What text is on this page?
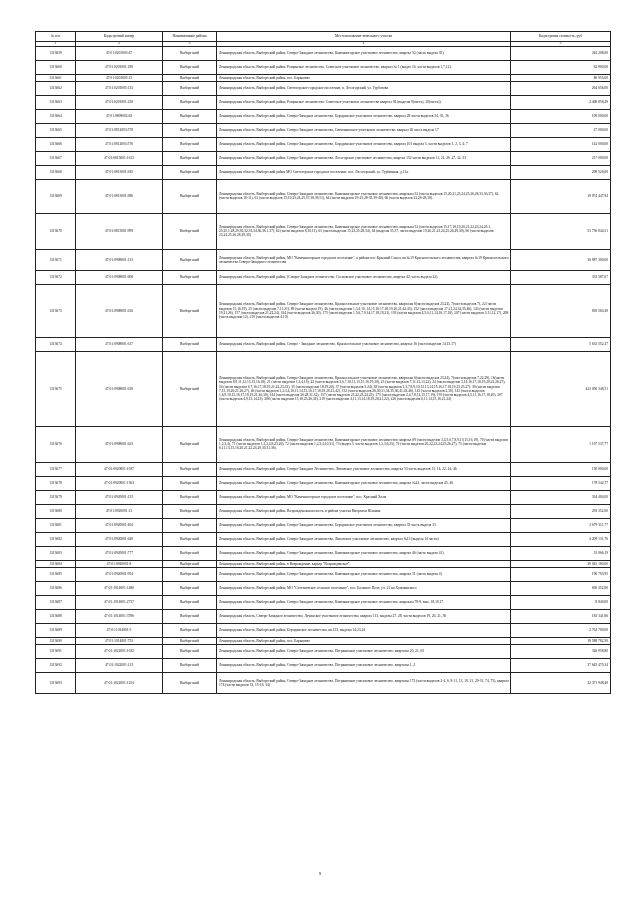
№ п/п	Кадастровый номер	Наименование района	Местоположение земельного участка	Кадастровая стоимость, руб
1	2	3	4	5
1313659	47:01:0201003:47	Выборгский	Ленинградская область, Выборгский район, Северо-Западное лесничество, Каменногорское участковое лесничество, квартал 52 (часть выдела 35).	344 208,00
1313660	47:01:0201001:189	Выборгский	Ленинградская область, Выборгский район, Рощинское лесничество, Советское участковое лесничество, квартал № 1 (выдел 16, части выделов 1,7,12).	62 800,00
1313661	47:01:0201005:15	Выборгский	Ленинградская область, Выборгский район, пос. Барышево	86 955,00
1313662	47:01:0201005:133	Выборгский	Ленинградская область, Выборгский район, Светогорское городское поселение, п. Лесогорский, ул. Гурбатова	264 656,00
1313663	47:01:0201001:250	Выборгский	Ленинградская область, Выборгский район, Рощинское лесничество: Советское участковое лесничество квартал 94 (выделы 9(часть), 10(часть)).	2 408 858,29
1313664	47:01:0809002:63	Выборгский	Ленинградская область, Выборгский район, Северо-Западное лесничество, Бородинское участковое лесничество, квартал 28 части выделов 34, 35, 36	109 000,00
1313665	47:01:0812003:570	Выборгский	Ленинградская область, Выборгский район, Северо-Западное лесничество, Свеченковское участковое лесничество, квартал 20 часть выдела 17	47 000,00
1313666	47:01:0812003:576	Выборгский	Ленинградская область, Выборгский район, Северо-Западное лесничество, Бородинское участковое лесничество, квартал 101 выдела 5, части выделов 1, 2, 3, 4, 7	142 000,00
1313667	47:01:0815001:1613	Выборгский	Ленинградская область, Выборгский район, Северо-Западное лесничество, Лесогорское участковое лесничество, квартал 152 части выделов 11, 21, 26 ,27, 32, 33	217 000,00
1313668	47:01:0815001:945	Выборгский	Ленинградская область, Выборгский район МО Светогорское городское поселение, пос. Лесогорский, ул. Турбинная, д.11а.	208 526,00
1313669	47:01:0815001:986	Выборгский	Ленинградская область, Выборгский район, Северо-Западное лесничество, Каменногорское участковое лесничество, кварталы 52 (части выделов 15,20,21,23,24,25,26,28,33,36,37), 62 (части выделов 10-11), 63 (части выделов 15,19,23,24,25,37,38,39,51), 64 (части выделов 19-23,28-35,39-40), 66 (части выделов 23,26-28,30).	19 074 447,94
1313670	47:01:0815001:999	Выборгский	Ленинградская область, Выборгский район, Северо-Западное лесничество, Каменногорское участковое лесничество, кварталы 52 (части выделов 15,17,18,19,20,21,22,23,24,26 1, 25,25.1,28,29,30,32,33,34,36,36.1,37), 62 (части выделов 8,10,11), 63 (части выделов 15,23,25,28,34), 64 (выделы 35,37, части выделов 19,20,21,23,24,25,26,29,30), 66 (части выделов 23,24,25,26,28,29,30)	53 756 844,51
1313671	47:01:0908001:133	Выборгский	Ленинградская область, Выборгский район, МО "Каменногорское городское поселение", в районе пос.Красный Сокол, кв.№19 Красносельского лесничества, квартал №19 Красносельского лесничества Северо-Западного лесничества	36 987 300,00
1313672	47:01:0908001:608	Выборгский	Ленинградская область, Выборгский район, (Северо-Западное лесничество, Сосновское участковое лесничество, квартал 42, часть выдела 22).	333 587,67
1313673	47:01:0908001:616	Выборгский	Ленинградская область, Выборгский район, Северо-Западное лесничество, Красносельское участковое лесничество, кварталы 6(части выделов 23,24), 7(части выделов 7), 22 (части выделов 15,16,19), 25 (части выделов 7,11,21), 89 (части выдела 19), 46 (части выделов 1,3,4,10, 14,15,16,17,18,19,20,21,42,43), 152 (части выделов 17,21,24,32,35,46), 143 (части выделов 19,21,26), 157 (части выделов 21,22,24), 164 (части выделов 26,30), 175 (части выделов 1,5,6,7,9,14,17,18,19,21), 193 (части выделов 4,5,6,11,14,16,17,18), 207 (части выделов 3,11,12,17), 208 (часть выделов 12), 219 (части выделов 4,10)	818 560,49
1313674	47:01:0908001:617	Выборгский	Ленинградская область, Выборгский район, Северо - Западное лесничество, Красносельское участковое лесничество, квартал 16 (части выделов 14,15,17)	5 633 552,37
1313675	47:01:0908001:618	Выборгский	Ленинградская область, Выборгский район, Северо-Западное лесничество, Красносельское участковое лесничество, кварталы 6(части выделов 23,24), 7(части выделов 7,22,29), 16(части выделов 8,9,11,12,13,15,16,18), 21 (части выделов 1,3,4,16), 22 (части выделов 3,6,7,10,11,13,15,16,19,20), 23 (части выделов 7,11,12,13,22), 24 (части выделов 3,14,16,17,18,19,20,22,26,27), 34 (части выделов 6,7,16,17,18,19,21,22,23,33), 35 (части выделов 18,19,20), 37 (части выделов 5,24), 38 (части выделов 1,3,7,8,9,10,12,13,14,15,16,17,18,19,23,25,27), 39 (части выделов 7,15,19,20,21,26,27), 46 (части выделов 1,2,3,4,10,11,14,15,16,17,18,19,20,21,42), 152 (части выделов 26,30,31,34,35,36,41,43,46), 143 (части выделов 2,30), 143 (части выделов 1,6,9,10,15,16,17,18,19,21,26,30), 144 (части выделов 26,28,31,32), 157 (части выделов 21,22,23,24,25), 175 (части выделов 2,4,7,8,14,15,17,19), 193 (части выделов 4,5,11,16,17,18,20), 207 (части выделов 4,9,13,14,23), 208 (части выделов 15,18,23,26,34), 219 (части выделов 4,11,13,14,18,19,20,21,22), 220 (части выделов 6,11,14,15,16,21,24)	423 050 348,51
1313676	47:01:0908001:623	Выборгский	Ленинградская область, Выборгский район, Северо-Западное лесничество, Каменногорское участковое лесничество: квартал 69 (части выделов 3,4,5,6,7,8,9,10,15,16,19), 70 (части выделов 1,2,3,4), 71 (части выделов 1,2,3,4,8,23,26), 72 (части выделов 1,2,3,4,10,31), 73 (выдел 3, части выделов 1,2,3,6,25), 74 (части выделов 20,22,23,24,25,26,27), 75 (части выделов 6,11,13,15,16,20,21,22,24,29,30,31,36).	1 107 537,77
1313677	47:01:0920001:1037	Выборгский	Ленинградская область, Выборгский район, Северо-Западное Лесничество, Липовское участковое лесничество, квартал 53 часть выделов 13, 14, 22, 24, 46.	150 000,00
1313678	47:01:0920001:1363	Выборгский	Ленинградская область, Выборгский район, Северо-Западное лесничество, Каменногорское участковое лесничество, квартал №22, части выделов 45, 46	178 542,77
1313679	47:01:0920001:133	Выборгский	Ленинградская область, Выборгский район, МО "Каменногорское городское поселение", пос. Красный Холм	334 404,00
1313680	47:01:0920001:13	Выборгский	Ленинградская область, Выборгский район, Возрожденская волость, в районе участка Ниерлахи Юлкяма	293 352,00
1313681	47:01:0920001:404	Выборгский	Ленинградская область, Выборгский район, Северо-Западное лесничество, Бородинское участковое лесничество, квартал 33 часть выдела 33.	3 679 311,77
1313682	47:01:0920001:649	Выборгский	Ленинградская область, Выборгский район, Северо-Западное лесничество, Липовское участковое лесничество, квартал №13 (выдела 14 части)	4 209 131,76
1313683	47:01:0920001:777	Выборгский	Ленинградская область, Выборгский район, Северо-Западное лесничество, Каменногорское участковое лесничество, квартал 46 (часть выдела 41).	35 066,19
1313684	47:01:0920001:8	Выборгский	Ленинградская область, Выборгский район, в Возрождение, карьер "Возрожденское".	39 043 180,00
1313685	47:01:0920001:954	Выборгский	Ленинградская область, Выборгский район, Северо-Западное лесничество, Каменногорское участковое лесничество, квартал 51 (часть выдела 4).	190 793,95
1313686	47:01:1014001:1480	Выборгский	Ленинградская область, Выборгский район, МО "Селезневское сельское поселение", пос. Большое Поле, уч. 21 на Хольчинского	656 352,00
1313687	47:01:1014001:2737	Выборгский	Ленинградская область, Выборгский район, Северо-Западное лесничество, Каменногорское участковое лесничество, кварталы 78-9, вых. 18,19,17	8 840,00
1313688	47:01:1014001:3786	Выборгский	Ленинградская область, Северо-Западное лесничество, Лучинское участковое лесничество, квартал 113, выделы 27, 28, части выделов 19, 20, 21, 56	183 341,86
1313689	47:01:1014001:5	Выборгский	Ленинградская область, Выборгский район, Бородинское лесничество, кв.153, выделы 14,23,24	2 762 700,00
1313690	47:01:1014001:753	Выборгский	Ленинградская область, Выборгский район, пос. Барышево	18 588 782,50
1313691	47:01:1022001:1032	Выборгский	Ленинградская область, Выборгский район, Северо-Западное лесничество, Пограничное участковое лесничество, кварталы 20, 21, 65	326 958,80
1313692	47:01:1022001:113	Выборгский	Ленинградская область, Выборгский район, Северо-Западное лесничество, Пограничное участковое лесничество, кварталы 1, 2	37 645 470,34
1313693	47:01:1022001:1254	Выборгский	Ленинградская область, Выборгский район, Северо-Западное лесничество, Пограничное участковое лесничество, кварталы 173 (части выделов 2-4, 6, 8-11, 13, 19, 21, 29-31, 74, 75), квартал 174 (части выделов 13, 15-18, 34)	32 371 948,40
9
